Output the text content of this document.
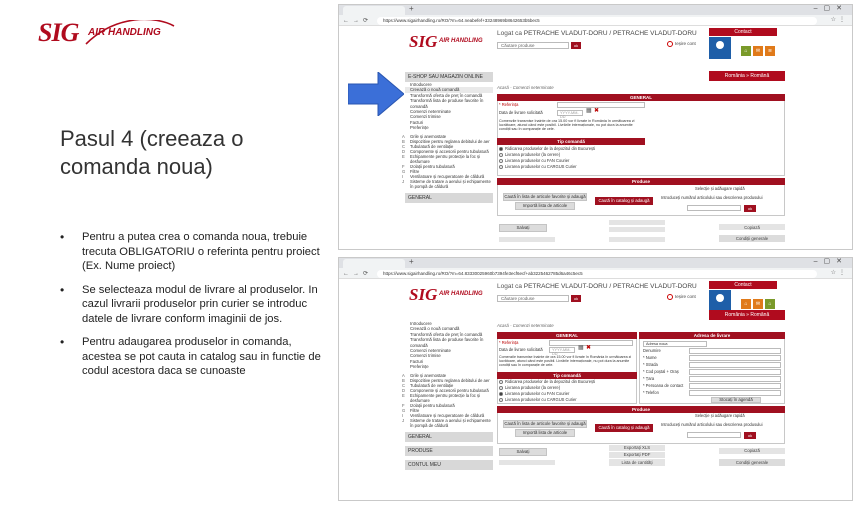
SIG AIR HANDLING
Pasul 4 (creeaza o comanda noua)
• Pentru a putea crea o comanda noua, trebuie trecuta OBLIGATORIU o referinta pentru proiect (Ex. Nume proiect)
• Se selecteaza modul de livrare al produselor. In cazul livrarii produselor prin curier se introduc datele de livrare conform imaginii de jos.
• Pentru adaugarea produselor in comanda, acestea se pot cauta in catalog sau in functie de codul acestora daca se cunoaste
+	–▢✕
←→⟳	https://www.sigairhandling.ro/RO/?m=64.neabefef+33248969b8642653b5bec5	☆⋮
SIG AIR HANDLING
Logat ca PETRACHE VLADUT-DORU / PETRACHE VLADUT-DORU
Căutare produse	ok	Ieșire cont
Contact
⌂	✉	≋
România » Română
E-SHOP SAU MAGAZIN ONLINE
Introducere
Creează o nouă comandă
Transformă oferta de preț în comandă
Transformă lista de produse favorite în comandă
Comenzi neterminate
Comenzi trimise
Facturi
Preferințe
A Grile și anemostate
B Dispozitive pentru reglarea debitului de aer
C Tubulatură de ventilație
D Componente și accesorii pentru tubulatură
E Echipamente pentru protecție la foc și desfumare
F Izolații pentru tubulatură
G Filtre
I Ventilatoare și recuperatoare de căldură
J Sisteme de tratare a aerului și echipamente în pompă de căldură
GENERAL
Acasă - Comenzi neterminate
GENERAL
* Referința
Data de livrare solicitată	YYYY-MM-DD
▦ ✖
Comenzile transmise înainte de ora 15.00 vor fi livrate in România în următoarea zi lucrătoare, atunci când este posibil. Livrările internaționale, nu pot dura la anumite condiții sau în comparație de cele.
Tip comandă
Ridicarea produselor de la depozitul din București
Livrarea produselor (la cerere)
Livrarea produselor cu FAN Courier
Livrarea produselor cu CARGUS Curier
Produse
Caută în lista de articole favorite și adaugă
Importă lista de articole
Caută în catalog și adaugă
Selecție și adăugare rapidă
Introduceți numărul articolului sau descrierea produsului
ok
Salvați	Copiază
Condiții generale
+	–▢✕
←→⟳	https://www.sigairhandling.ro/RO/?m=64.83330025960b7394fe3ecf6ecf+ab3225462785d6a46c5ec5	☆⋮
SIG AIR HANDLING
Logat ca PETRACHE VLADUT-DORU / PETRACHE VLADUT-DORU
Căutare produse	ok	Ieșire cont
Contact
⌂	✉	⌂
România » Română
Introducere
Creează o nouă comandă
Transformă oferta de preț în comandă
Transformă lista de produse favorite în comandă
Comenzi neterminate
Comenzi trimise
Facturi
Preferințe
A Grile și anemostate
B Dispozitive pentru reglarea debitului de aer
C Tubulatură de ventilație
D Componente și accesorii pentru tubulatură
E Echipamente pentru protecție la foc și desfumare
F Izolații pentru tubulatură
G Filtre
I Ventilatoare și recuperatoare de căldură
J Sisteme de tratare a aerului și echipamente în pompă de căldură
GENERAL
PRODUSE
CONTUL MEU
Acasă - Comenzi neterminate
GENERAL
* Referința
Data de livrare solicitată	YYYY-MM-DD
▦ ✖
Comenzile transmise înainte de ora 15.00 vor fi livrate în România în următoarea zi lucrătoare, atunci când este posibil. Livrările internaționale, nu pot dura la anumite condiții sau în comparație de cele.
Tip comandă
Ridicarea produselor de la depozitul din București
Livrarea produselor (la cerere)
Livrarea produselor cu FAN Courier
Livrarea produselor cu CARGUS Curier
Adresa de livrare
Adresa noua
Denumire
* Nume
* Strada
* Cod poștal + Oraș
* Țara
* Persoana de contact
* Telefon
Stocați în agendă
Produse
Caută în lista de articole favorite și adaugă
Importă lista de articole
Caută în catalog și adaugă
Selecție și adăugare rapidă
Introduceți numărul articolului sau descrierea produsului
ok
Salvați
Exportați XLS
Exportați PDF
Copiază
Lista de cantități	Condiții generale
